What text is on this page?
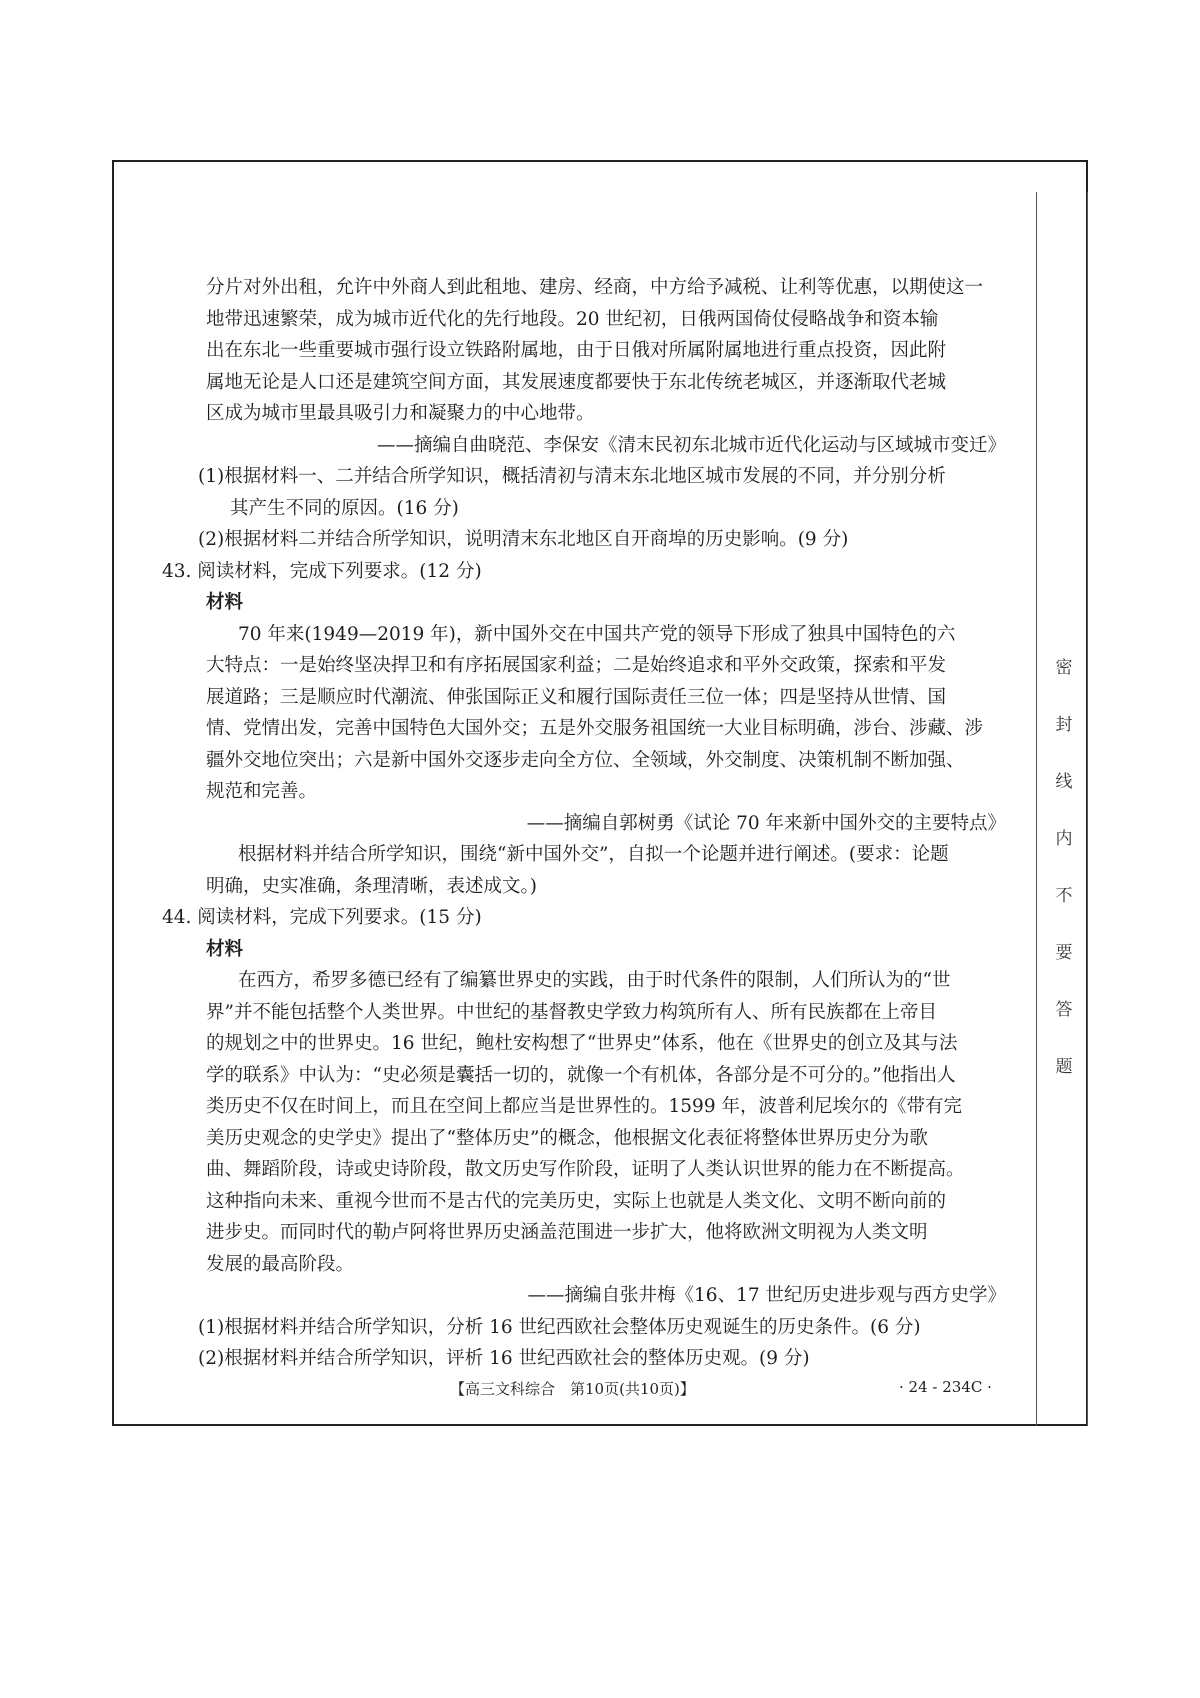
密
封
线
内
不
要
答
题
分片对外出租，允许中外商人到此租地、建房、经商，中方给予减税、让利等优惠，以期使这一
地带迅速繁荣，成为城市近代化的先行地段。20 世纪初，日俄两国倚仗侵略战争和资本输
出在东北一些重要城市强行设立铁路附属地，由于日俄对所属附属地进行重点投资，因此附
属地无论是人口还是建筑空间方面，其发展速度都要快于东北传统老城区，并逐渐取代老城
区成为城市里最具吸引力和凝聚力的中心地带。
——摘编自曲晓范、李保安《清末民初东北城市近代化运动与区域城市变迁》
(1)根据材料一、二并结合所学知识，概括清初与清末东北地区城市发展的不同，并分别分析
其产生不同的原因。(16 分)
(2)根据材料二并结合所学知识，说明清末东北地区自开商埠的历史影响。(9 分)
43. 阅读材料，完成下列要求。(12 分)
材料
70 年来(1949—2019 年)，新中国外交在中国共产党的领导下形成了独具中国特色的六
大特点：一是始终坚决捍卫和有序拓展国家利益；二是始终追求和平外交政策，探索和平发
展道路；三是顺应时代潮流、伸张国际正义和履行国际责任三位一体；四是坚持从世情、国
情、党情出发，完善中国特色大国外交；五是外交服务祖国统一大业目标明确，涉台、涉藏、涉
疆外交地位突出；六是新中国外交逐步走向全方位、全领域，外交制度、决策机制不断加强、
规范和完善。
——摘编自郭树勇《试论 70 年来新中国外交的主要特点》
根据材料并结合所学知识，围绕“新中国外交”，自拟一个论题并进行阐述。(要求：论题
明确，史实准确，条理清晰，表述成文。)
44. 阅读材料，完成下列要求。(15 分)
材料
在西方，希罗多德已经有了编纂世界史的实践，由于时代条件的限制，人们所认为的“世
界”并不能包括整个人类世界。中世纪的基督教史学致力构筑所有人、所有民族都在上帝目
的规划之中的世界史。16 世纪，鲍杜安构想了“世界史”体系，他在《世界史的创立及其与法
学的联系》中认为：“史必须是囊括一切的，就像一个有机体，各部分是不可分的。”他指出人
类历史不仅在时间上，而且在空间上都应当是世界性的。1599 年，波普利尼埃尔的《带有完
美历史观念的史学史》提出了“整体历史”的概念，他根据文化表征将整体世界历史分为歌
曲、舞蹈阶段，诗或史诗阶段，散文历史写作阶段，证明了人类认识世界的能力在不断提高。
这种指向未来、重视今世而不是古代的完美历史，实际上也就是人类文化、文明不断向前的
进步史。而同时代的勒卢阿将世界历史涵盖范围进一步扩大，他将欧洲文明视为人类文明
发展的最高阶段。
——摘编自张井梅《16、17 世纪历史进步观与西方史学》
(1)根据材料并结合所学知识，分析 16 世纪西欧社会整体历史观诞生的历史条件。(6 分)
(2)根据材料并结合所学知识，评析 16 世纪西欧社会的整体历史观。(9 分)
【高三文科综合　第10页(共10页)】	· 24 - 234C ·
